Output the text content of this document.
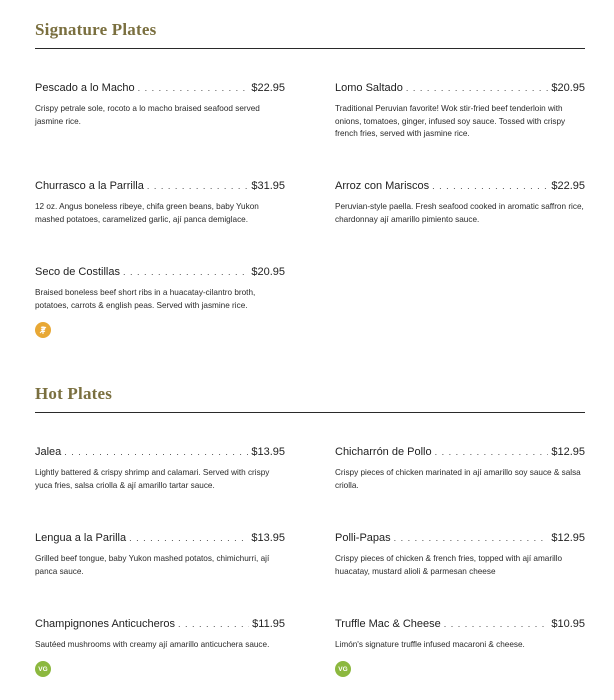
Signature Plates
Pescado a lo Macho . . .	$22.95
Crispy petrale sole, rocoto a lo macho braised seafood served jasmine rice.
Lomo Saltado . . .	$20.95
Traditional Peruvian favorite! Wok stir-fried beef tenderloin with onions, tomatoes, ginger, infused soy sauce. Tossed with crispy french fries, served with jasmine rice.
Churrasco a la Parrilla . . .	$31.95
12 oz. Angus boneless ribeye, chifa green beans, baby Yukon mashed potatoes, caramelized garlic, ají panca demiglace.
Arroz con Mariscos . . .	$22.95
Peruvian-style paella. Fresh seafood cooked in aromatic saffron rice, chardonnay ají amarillo pimiento sauce.
Seco de Costillas . . .	$20.95
Braised boneless beef short ribs in a huacatay-cilantro broth, potatoes, carrots & english peas. Served with jasmine rice.
Hot Plates
Jalea . . .	$13.95
Lightly battered & crispy shrimp and calamari. Served with crispy yuca fries, salsa criolla & ají amarillo tartar sauce.
Chicharrón de Pollo . . .	$12.95
Crispy pieces of chicken marinated in ají amarillo soy sauce & salsa criolla.
Lengua a la Parilla . . .	$13.95
Grilled beef tongue, baby Yukon mashed potatos, chimichurri, ají panca sauce.
Polli-Papas . . .	$12.95
Crispy pieces of chicken & french fries, topped with ají amarillo huacatay, mustard alioli & parmesan cheese
Champignones Anticucheros . . .	$11.95
Sautéed mushrooms with creamy ají amarillo anticuchera sauce.
VG
Truffle Mac & Cheese . . .	$10.95
Limón's signature truffle infused macaroni & cheese.
VG
